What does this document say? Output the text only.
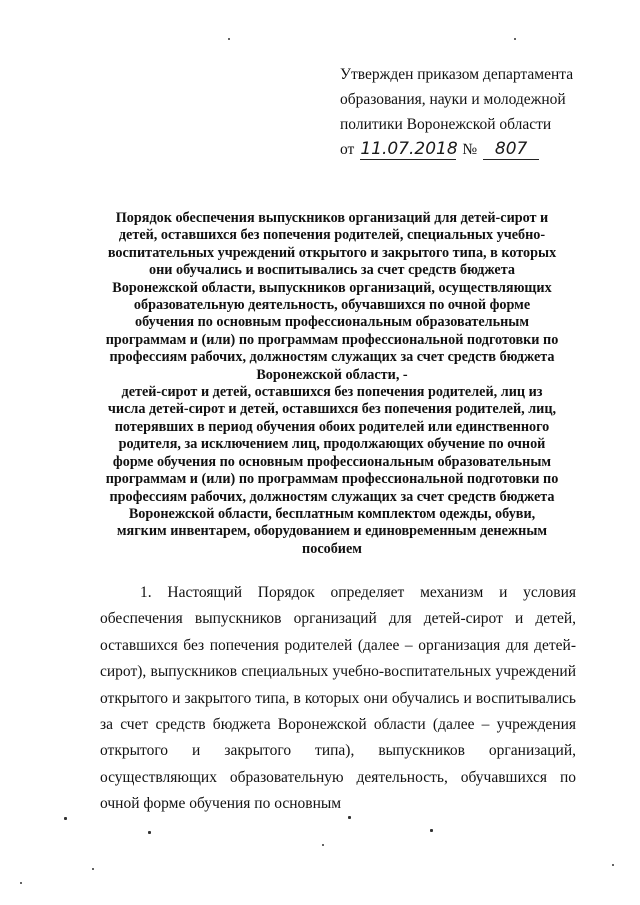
Утвержден приказом департамента
образования, науки и молодежной
политики Воронежской области
от 11.07.2018 № 807
Порядок обеспечения выпускников организаций для детей-сирот и
детей, оставшихся без попечения родителей, специальных учебно-
воспитательных учреждений открытого и закрытого типа, в которых
они обучались и воспитывались за счет средств бюджета
Воронежской области, выпускников организаций, осуществляющих
образовательную деятельность, обучавшихся по очной форме
обучения по основным профессиональным образовательным
программам и (или) по программам профессиональной подготовки по
профессиям рабочих, должностям служащих за счет средств бюджета
Воронежской области, -
детей-сирот и детей, оставшихся без попечения родителей, лиц из
числа детей-сирот и детей, оставшихся без попечения родителей, лиц,
потерявших в период обучения обоих родителей или единственного
родителя, за исключением лиц, продолжающих обучение по очной
форме обучения по основным профессиональным образовательным
программам и (или) по программам профессиональной подготовки по
профессиям рабочих, должностям служащих за счет средств бюджета
Воронежской области, бесплатным комплектом одежды, обуви,
мягким инвентарем, оборудованием и единовременным денежным
пособием

1. Настоящий Порядок определяет механизм и условия обеспечения выпускников организаций для детей-сирот и детей, оставшихся без попечения родителей (далее – организация для детей-сирот), выпускников специальных учебно-воспитательных учреждений открытого и закрытого типа, в которых они обучались и воспитывались за счет средств бюджета Воронежской области (далее – учреждения открытого и закрытого типа), выпускников организаций, осуществляющих образовательную деятельность, обучавшихся по очной форме обучения по основным
